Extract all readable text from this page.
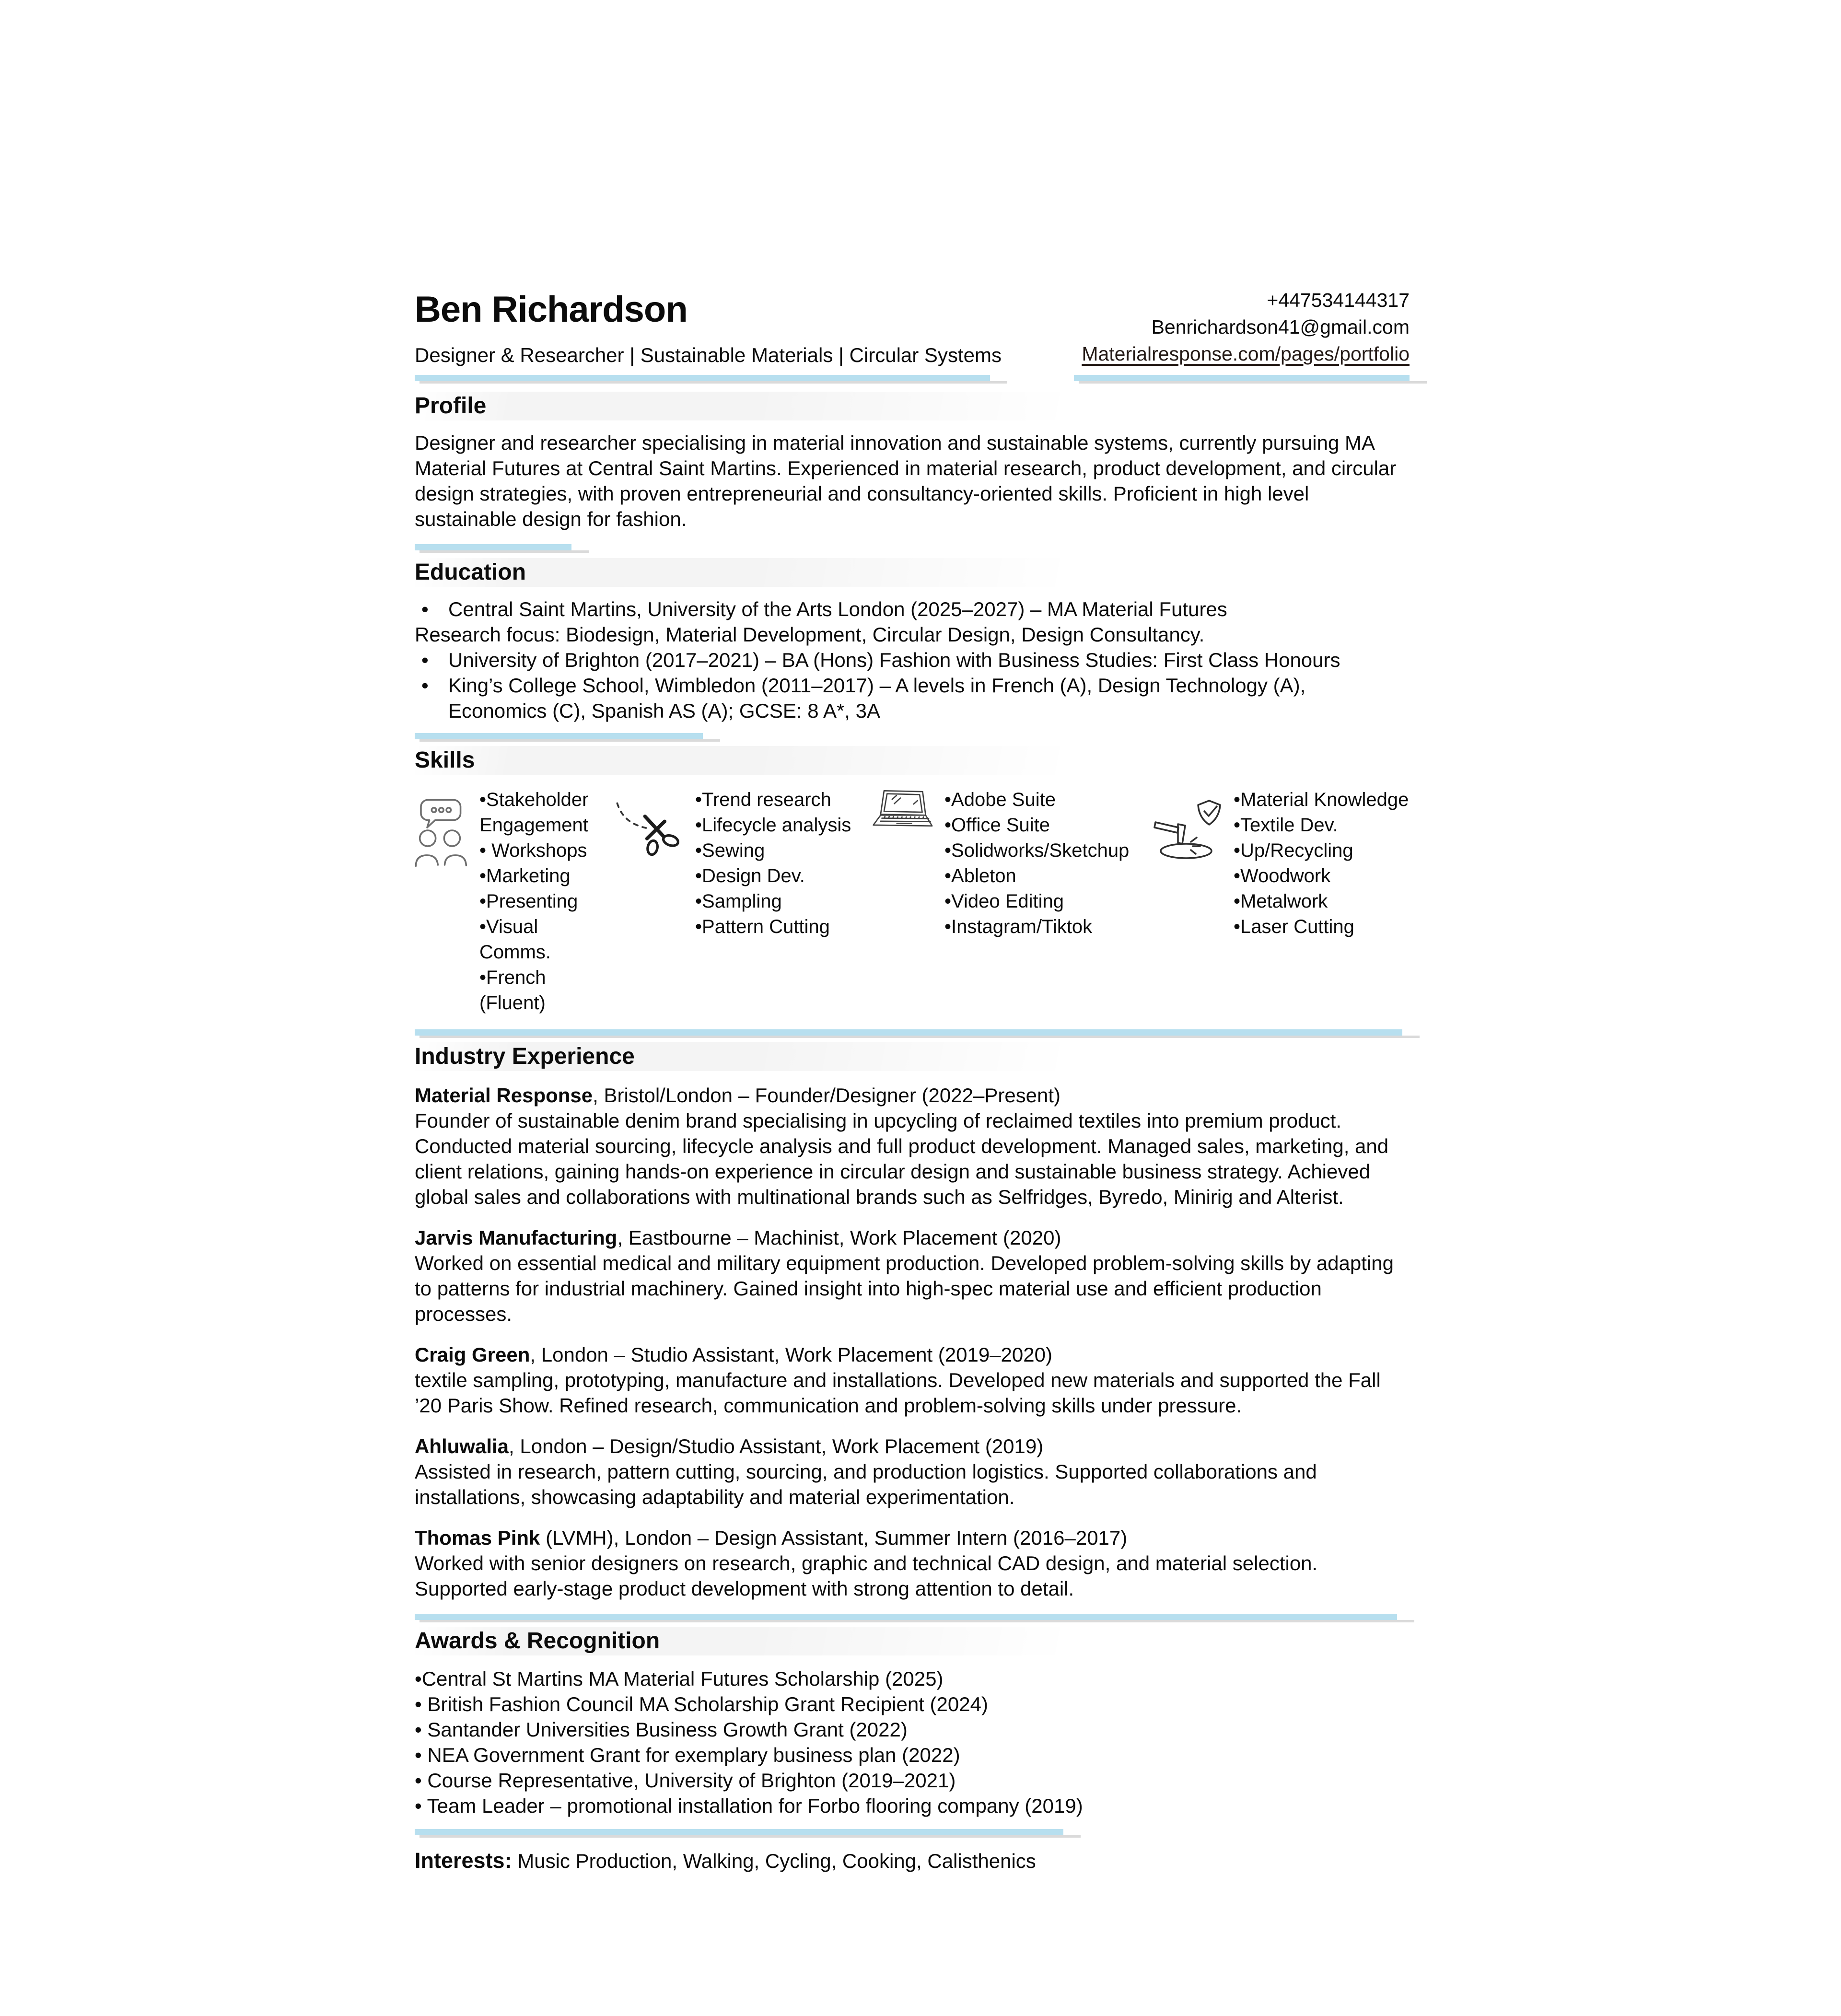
Ben Richardson
Designer & Researcher | Sustainable Materials | Circular Systems
+447534144317
Benrichardson41@gmail.com
Materialresponse.com/pages/portfolio
Profile

Designer and researcher specialising in material innovation and sustainable systems, currently pursuing MA Material Futures at Central Saint Martins. Experienced in material research, product development, and circular design strategies, with proven entrepreneurial and consultancy-oriented skills. Proficient in high level sustainable design for fashion.

Education
• Central Saint Martins, University of the Arts London (2025–2027) – MA Material Futures
Research focus: Biodesign, Material Development, Circular Design, Design Consultancy.
• University of Brighton (2017–2021) – BA (Hons) Fashion with Business Studies: First Class Honours
• King’s College School, Wimbledon (2011–2017) – A levels in French (A), Design Technology (A), Economics (C), Spanish AS (A); GCSE: 8 A*, 3A
Skills
•Stakeholder Engagement
• Workshops
•Marketing
•Presenting
•Visual Comms.
•French (Fluent)
•Trend research
•Lifecycle analysis
•Sewing
•Design Dev.
•Sampling
•Pattern Cutting
•Adobe Suite
•Office Suite
•Solidworks/Sketchup
•Ableton
•Video Editing
•Instagram/Tiktok
•Material Knowledge
•Textile Dev.
•Up/Recycling
•Woodwork
•Metalwork
•Laser Cutting
Industry Experience

Material Response, Bristol/London – Founder/Designer (2022–Present)

Founder of sustainable denim brand specialising in upcycling of reclaimed textiles into premium product. Conducted material sourcing, lifecycle analysis and full product development. Managed sales, marketing, and client relations, gaining hands-on experience in circular design and sustainable business strategy. Achieved global sales and collaborations with multinational brands such as Selfridges, Byredo, Minirig and Alterist.

Jarvis Manufacturing, Eastbourne – Machinist, Work Placement (2020)

Worked on essential medical and military equipment production. Developed problem-solving skills by adapting to patterns for industrial machinery. Gained insight into high-spec material use and efficient production processes.

Craig Green, London – Studio Assistant, Work Placement (2019–2020)

textile sampling, prototyping, manufacture and installations. Developed new materials and supported the Fall ’20 Paris Show. Refined research, communication and problem-solving skills under pressure.

Ahluwalia, London – Design/Studio Assistant, Work Placement (2019)

Assisted in research, pattern cutting, sourcing, and production logistics. Supported collaborations and installations, showcasing adaptability and material experimentation.

Thomas Pink (LVMH), London – Design Assistant, Summer Intern (2016–2017)

Worked with senior designers on research, graphic and technical CAD design, and material selection. Supported early-stage product development with strong attention to detail.

Awards & Recognition
•Central St Martins MA Material Futures Scholarship (2025)
• British Fashion Council MA Scholarship Grant Recipient (2024)
• Santander Universities Business Growth Grant (2022)
• NEA Government Grant for exemplary business plan (2022)
• Course Representative, University of Brighton (2019–2021)
• Team Leader – promotional installation for Forbo flooring company (2019)

Interests: Music Production, Walking, Cycling, Cooking, Calisthenics
